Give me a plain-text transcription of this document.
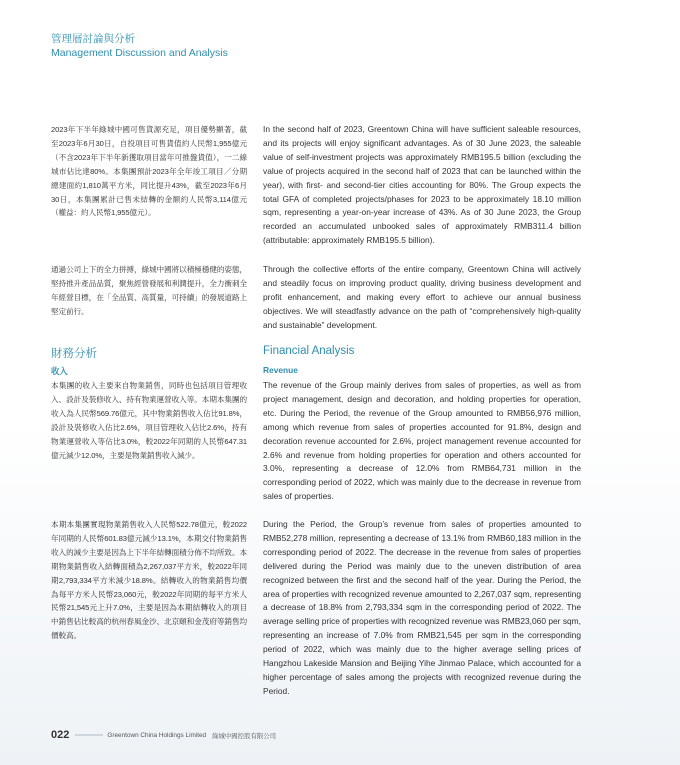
管理層討論與分析
Management Discussion and Analysis
2023年下半年綠城中國可售貨源充足，項目優勢顯著，截至2023年6月30日，自投項目可售貨值約人民幣1,955億元（不含2023年下半年新獲取項目當年可推盤貨值），一二線城市佔比達80%。本集團預計2023年全年竣工項目／分期總建面約1,810萬平方米，同比提升43%，截至2023年6月30日，本集團累計已售未結轉的金額約人民幣3,114億元（權益：約人民幣1,955億元）。
In the second half of 2023, Greentown China will have sufficient saleable resources, and its projects will enjoy significant advantages. As of 30 June 2023, the saleable value of self-investment projects was approximately RMB195.5 billion (excluding the value of projects acquired in the second half of 2023 that can be launched within the year), with first- and second-tier cities accounting for 80%. The Group expects the total GFA of completed projects/phases for 2023 to be approximately 18.10 million sqm, representing a year-on-year increase of 43%. As of 30 June 2023, the Group recorded an accumulated unbooked sales of approximately RMB311.4 billion (attributable: approximately RMB195.5 billion).
通過公司上下的全力拼搏，綠城中國將以積極穩健的姿態，堅持推升產品品質，聚焦經營發展和利潤提升，全力衝刺全年經營目標，在「全品質、高質量，可持續」的發展道路上堅定前行。
Through the collective efforts of the entire company, Greentown China will actively and steadily focus on improving product quality, driving business development and profit enhancement, and making every effort to achieve our annual business objectives. We will steadfastly advance on the path of “comprehensively high-quality and sustainable” development.
財務分析	Financial Analysis
收入	Revenue
本集團的收入主要來自物業銷售，同時也包括項目管理收入、設計及裝修收入、持有物業運營收入等。本期本集團的收入為人民幣569.76億元，其中物業銷售收入佔比91.8%，設計及裝修收入佔比2.6%，項目管理收入佔比2.6%，持有物業運營收入等佔比3.0%，較2022年同期的人民幣647.31億元減少12.0%，主要是物業銷售收入減少。
The revenue of the Group mainly derives from sales of properties, as well as from project management, design and decoration, and holding properties for operation, etc. During the Period, the revenue of the Group amounted to RMB56,976 million, among which revenue from sales of properties accounted for 91.8%, design and decoration revenue accounted for 2.6%, project management revenue accounted for 2.6% and revenue from holding properties for operation and others accounted for 3.0%, representing a decrease of 12.0% from RMB64,731 million in the corresponding period of 2022, which was mainly due to the decrease in revenue from sales of properties.
本期本集團實現物業銷售收入人民幣522.78億元，較2022年同期的人民幣601.83億元減少13.1%，本期交付物業銷售收入的減少主要是因為上下半年結轉面積分佈不均所致。本期物業銷售收入結轉面積為2,267,037平方米，較2022年同期2,793,334平方米減少18.8%。結轉收入的物業銷售均價為每平方米人民幣23,060元，較2022年同期的每平方米人民幣21,545元上升7.0%，主要是因為本期結轉收入的項目中銷售佔比較高的杭州春風金沙、北京頤和金茂府等銷售均價較高。
During the Period, the Group’s revenue from sales of properties amounted to RMB52,278 million, representing a decrease of 13.1% from RMB60,183 million in the corresponding period of 2022. The decrease in the revenue from sales of properties delivered during the Period was mainly due to the uneven distribution of area recognized between the first and the second half of the year. During the Period, the area of properties with recognized revenue amounted to 2,267,037 sqm, representing a decrease of 18.8% from 2,793,334 sqm in the corresponding period of 2022. The average selling price of properties with recognized revenue was RMB23,060 per sqm, representing an increase of 7.0% from RMB21,545 per sqm in the corresponding period of 2022, which was mainly due to the higher average selling prices of Hangzhou Lakeside Mansion and Beijing Yihe Jinmao Palace, which accounted for a higher percentage of sales among the projects with recognized revenue during the Period.
022	Greentown China Holdings Limited 綠城中國控股有限公司
